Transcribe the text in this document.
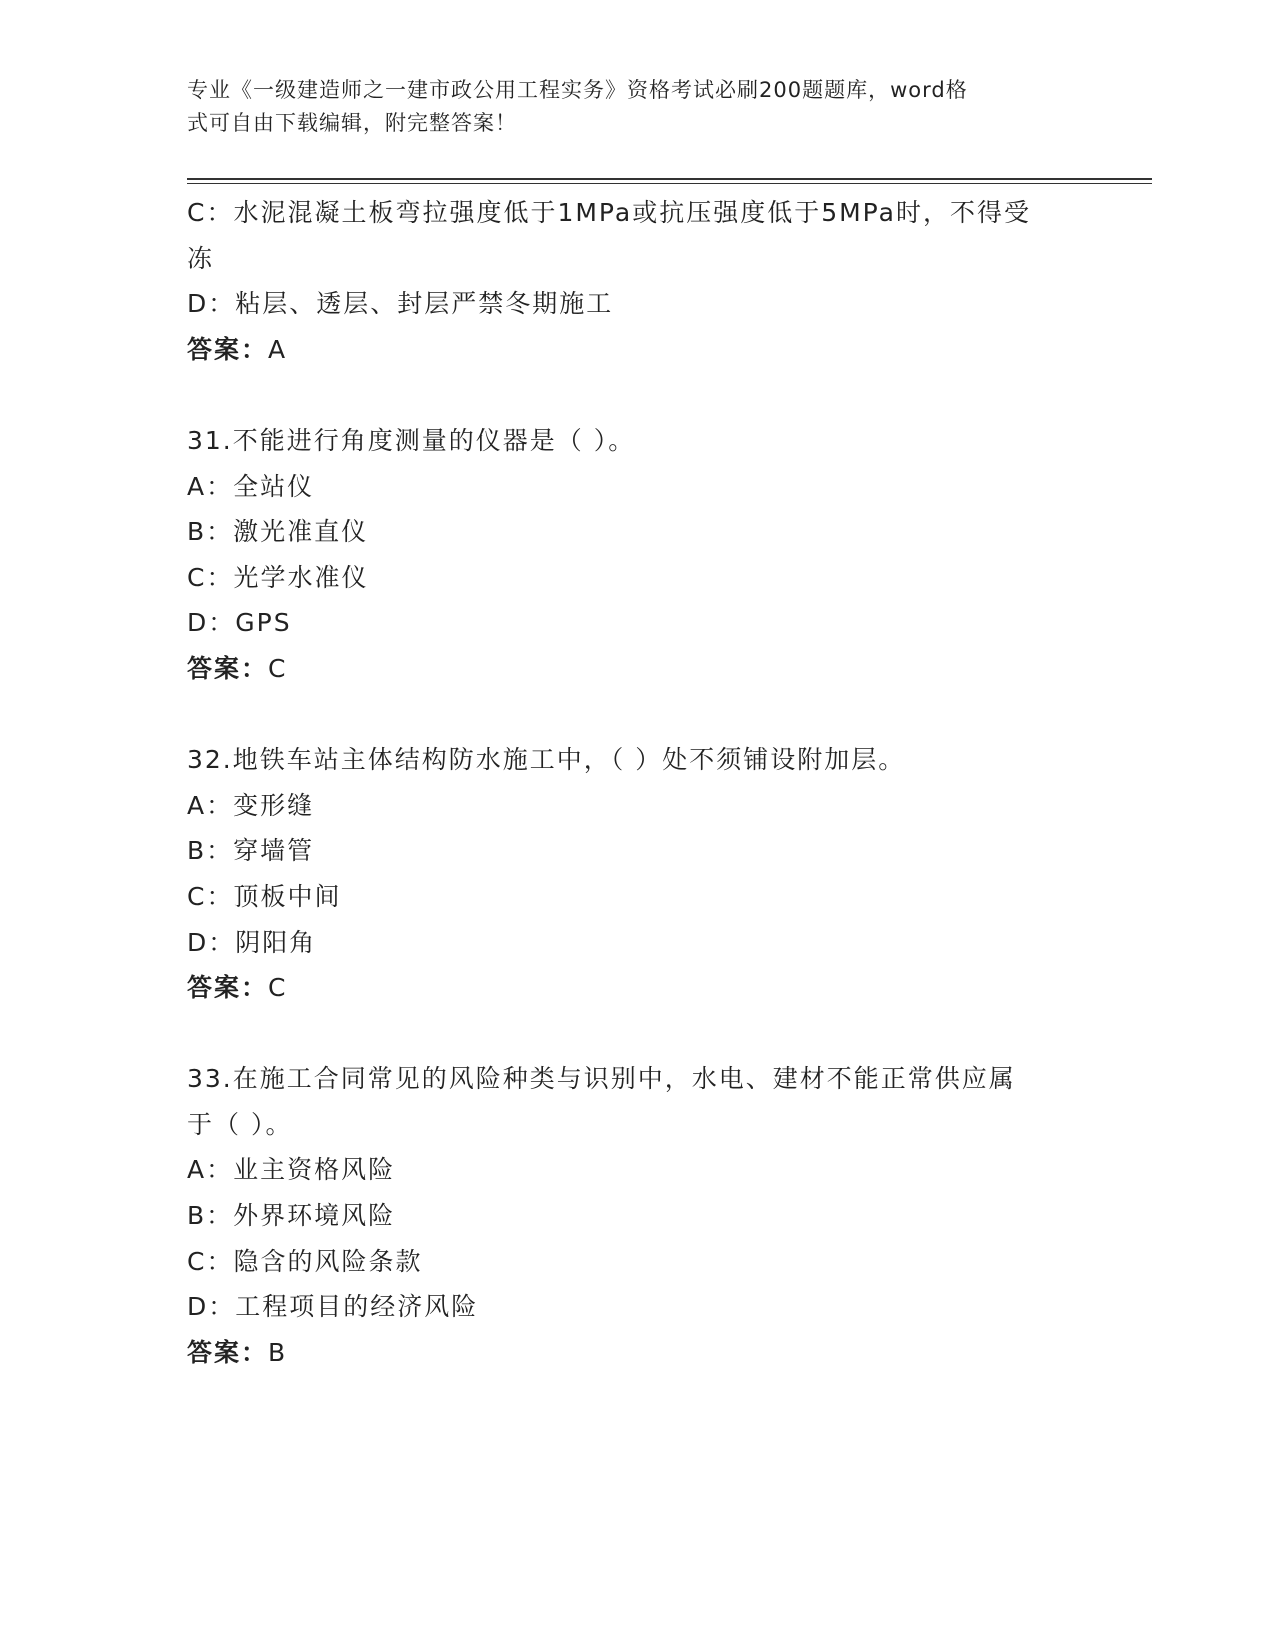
专业《一级建造师之一建市政公用工程实务》资格考试必刷200题题库，word格
式可自由下载编辑，附完整答案！
C：水泥混凝土板弯拉强度低于1MPa或抗压强度低于5MPa时，不得受
冻
D：粘层、透层、封层严禁冬期施工
答案：A
31.不能进行角度测量的仪器是（ ）。
A：全站仪
B：激光准直仪
C：光学水准仪
D：GPS
答案：C
32.地铁车站主体结构防水施工中，（ ）处不须铺设附加层。
A：变形缝
B：穿墙管
C：顶板中间
D：阴阳角
答案：C
33.在施工合同常见的风险种类与识别中，水电、建材不能正常供应属
于（ ）。
A：业主资格风险
B：外界环境风险
C：隐含的风险条款
D：工程项目的经济风险
答案：B
